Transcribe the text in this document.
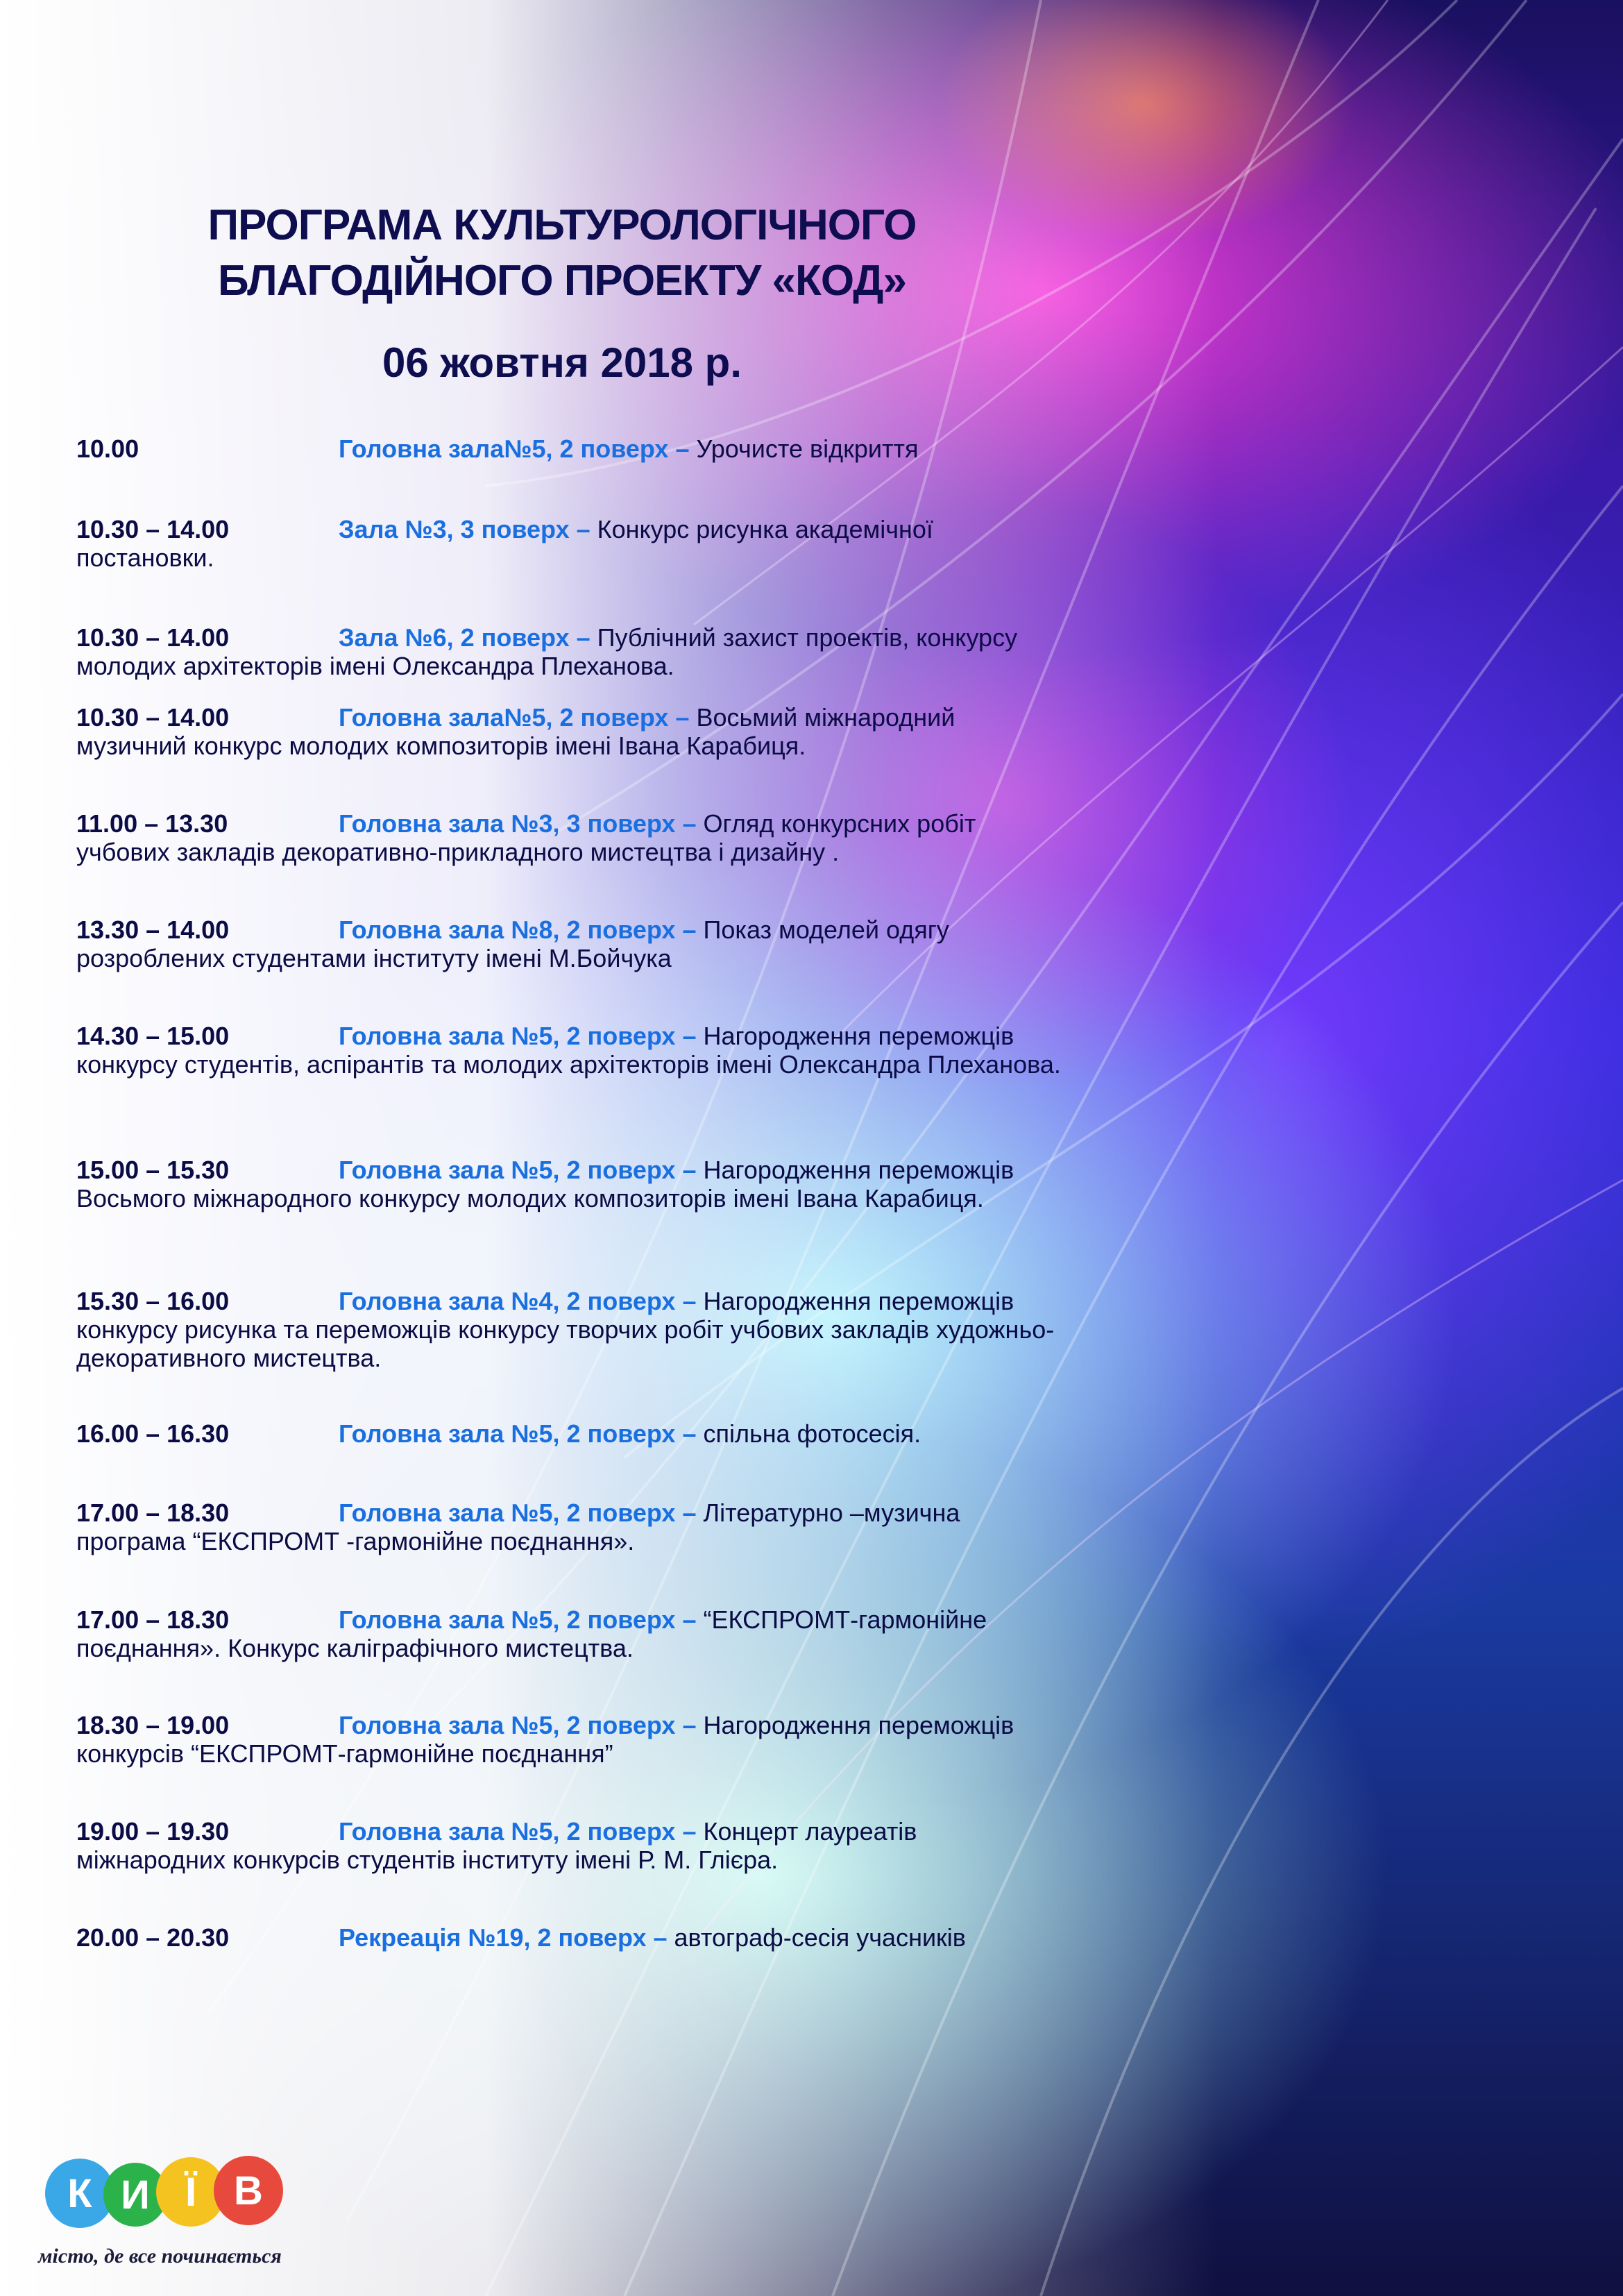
ПРОГРАМА КУЛЬТУРОЛОГІЧНОГО
БЛАГОДІЙНОГО ПРОЕКТУ «КОД»
06 жовтня 2018 р.
10.00	Головна зала№5, 2 поверх – Урочисте відкриття
10.30 – 14.00	Зала №3, 3 поверх – Конкурс рисунка академічної постановки.
10.30 – 14.00	Зала №6, 2 поверх – Публічний захист проектів, конкурсу молодих архітекторів імені Олександра Плеханова.
10.30 – 14.00	Головна зала№5, 2 поверх – Восьмий міжнародний музичний конкурс молодих композиторів імені Івана Карабиця.
11.00 – 13.30	Головна зала №3, 3 поверх – Огляд конкурсних робіт учбових закладів декоративно-прикладного мистецтва і дизайну .
13.30 – 14.00	Головна зала №8, 2 поверх – Показ моделей одягу розроблених студентами інституту імені М.Бойчука
14.30 – 15.00	Головна зала №5, 2 поверх – Нагородження переможців конкурсу студентів, аспірантів та молодих архітекторів імені Олександра Плеханова.
15.00 – 15.30	Головна зала №5, 2 поверх – Нагородження переможців Восьмого міжнародного конкурсу молодих композиторів імені Івана Карабиця.
15.30 – 16.00	Головна зала №4, 2 поверх – Нагородження переможців конкурсу рисунка та переможців конкурсу творчих робіт учбових закладів художньо-декоративного мистецтва.
16.00 – 16.30	Головна зала №5, 2 поверх – спільна фотосесія.
17.00 – 18.30	Головна зала №5, 2 поверх – Літературно –музична програма “ЕКСПРОМТ -гармонійне поєднання».
17.00 – 18.30	Головна зала №5, 2 поверх – “ЕКСПРОМТ-гармонійне поєднання». Конкурс каліграфічного мистецтва.
18.30 – 19.00	Головна зала №5, 2 поверх – Нагородження переможців конкурсів “ЕКСПРОМТ-гармонійне поєднання”
19.00 – 19.30	Головна зала №5, 2 поверх – Концерт лауреатів міжнародних конкурсів студентів інституту імені Р. М. Глієра.
20.00 – 20.30	Рекреація №19, 2 поверх – автограф-сесія учасників
К И Ї В
місто, де все починається
